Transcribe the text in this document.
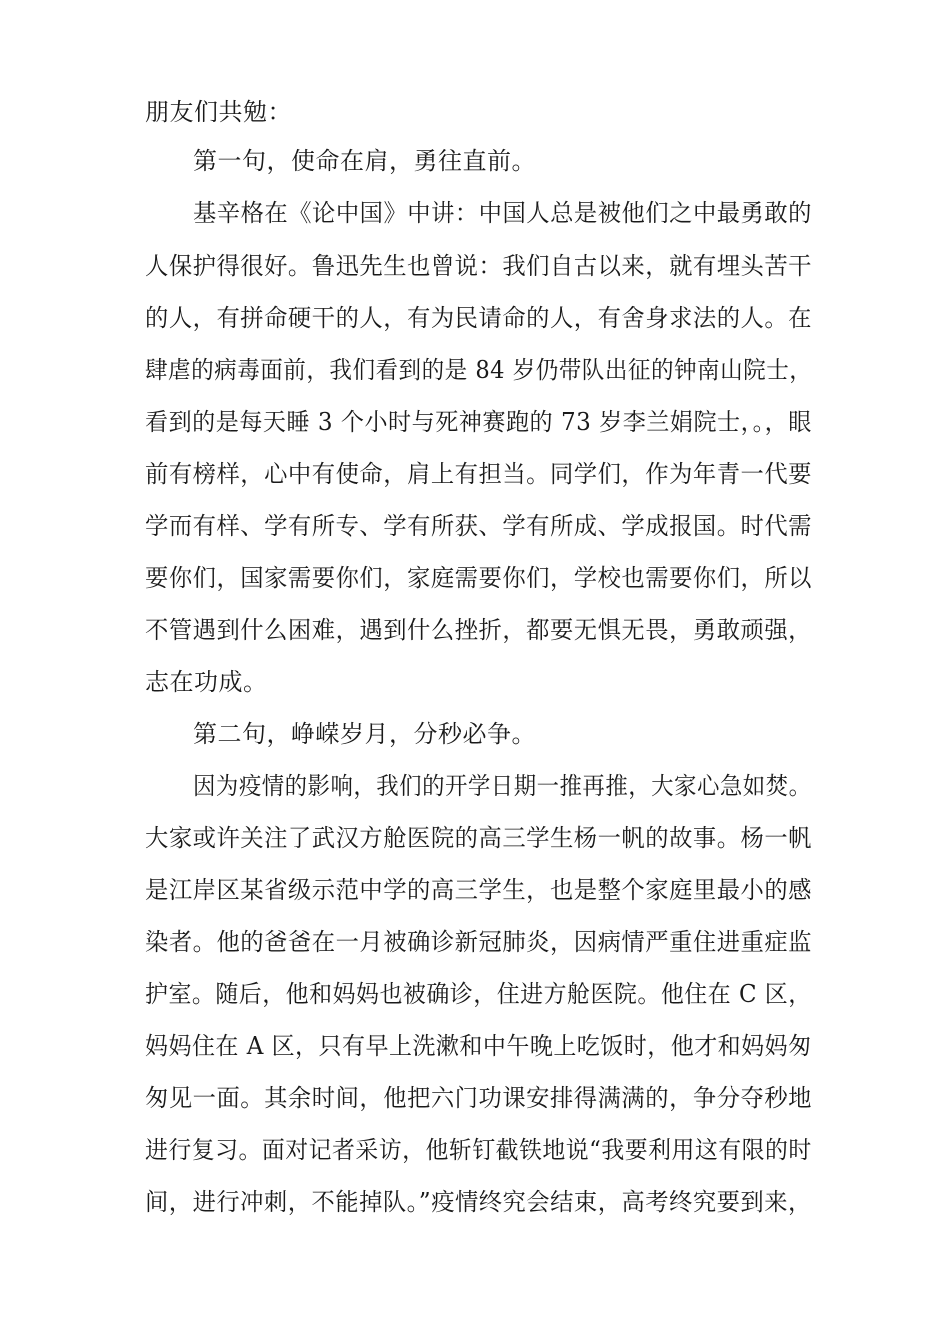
朋友们共勉：
第一句，使命在肩，勇往直前。
基辛格在《论中国》中讲：中国人总是被他们之中最勇敢的
人保护得很好。鲁迅先生也曾说：我们自古以来，就有埋头苦干
的人，有拼命硬干的人，有为民请命的人，有舍身求法的人。在
肆虐的病毒面前，我们看到的是 84 岁仍带队出征的钟南山院士，
看到的是每天睡 3 个小时与死神赛跑的 73 岁李兰娟院士，。，眼
前有榜样，心中有使命，肩上有担当。同学们，作为年青一代要
学而有样、学有所专、学有所获、学有所成、学成报国。时代需
要你们，国家需要你们，家庭需要你们，学校也需要你们，所以
不管遇到什么困难，遇到什么挫折，都要无惧无畏，勇敢顽强，
志在功成。
第二句，峥嵘岁月，分秒必争。
因为疫情的影响，我们的开学日期一推再推，大家心急如焚。
大家或许关注了武汉方舱医院的高三学生杨一帆的故事。杨一帆
是江岸区某省级示范中学的高三学生，也是整个家庭里最小的感
染者。他的爸爸在一月被确诊新冠肺炎，因病情严重住进重症监
护室。随后，他和妈妈也被确诊，住进方舱医院。他住在 C 区，
妈妈住在 A 区，只有早上洗漱和中午晚上吃饭时，他才和妈妈匆
匆见一面。其余时间，他把六门功课安排得满满的，争分夺秒地
进行复习。面对记者采访，他斩钉截铁地说“我要利用这有限的时
间，进行冲刺，不能掉队。”疫情终究会结束，高考终究要到来，
